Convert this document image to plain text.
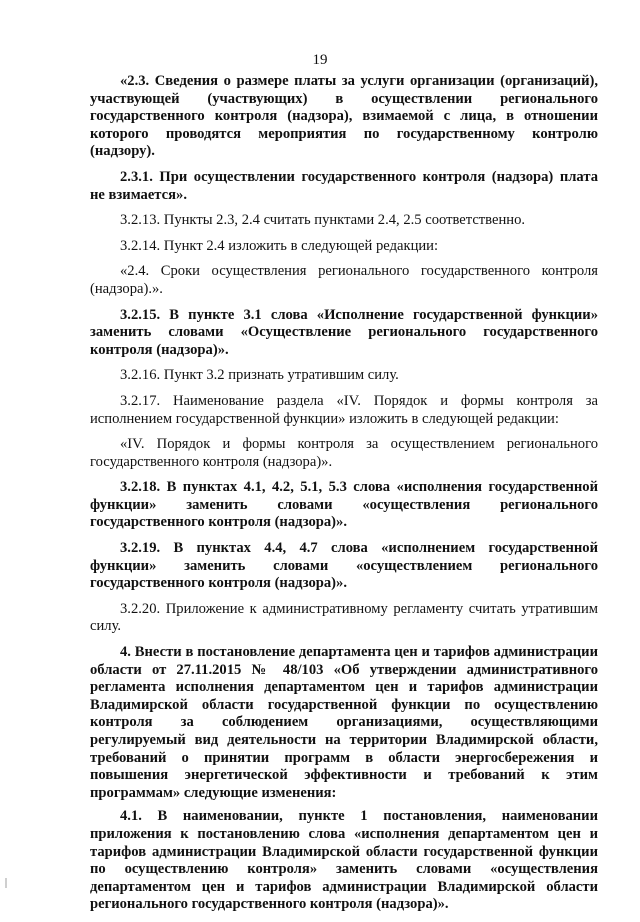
19

«2.3. Сведения о размере платы за услуги организации (организаций), участвующей (участвующих) в осуществлении регионального государственного контроля (надзора), взимаемой с лица, в отношении которого проводятся мероприятия по государственному контролю (надзору).

2.3.1. При осуществлении государственного контроля (надзора) плата не взимается».

3.2.13. Пункты 2.3, 2.4 считать пунктами 2.4, 2.5 соответственно.

3.2.14. Пункт 2.4 изложить в следующей редакции:

«2.4. Сроки осуществления регионального государственного контроля (надзора).».

3.2.15. В пункте 3.1 слова «Исполнение государственной функции» заменить словами «Осуществление регионального государственного контроля (надзора)».

3.2.16. Пункт 3.2 признать утратившим силу.

3.2.17. Наименование раздела «IV. Порядок и формы контроля за исполнением государственной функции» изложить в следующей редакции:

«IV. Порядок и формы контроля за осуществлением регионального государственного контроля (надзора)».

3.2.18. В пунктах 4.1, 4.2, 5.1, 5.3 слова «исполнения государственной функции» заменить словами «осуществления регионального государственного контроля (надзора)».

3.2.19. В пунктах 4.4, 4.7 слова «исполнением государственной функции» заменить словами «осуществлением регионального государственного контроля (надзора)».

3.2.20. Приложение к административному регламенту считать утратившим силу.

4. Внести в постановление департамента цен и тарифов администрации области от 27.11.2015 № 48/103 «Об утверждении административного регламента исполнения департаментом цен и тарифов администрации Владимирской области государственной функции по осуществлению контроля за соблюдением организациями, осуществляющими регулируемый вид деятельности на территории Владимирской области, требований о принятии программ в области энергосбережения и повышения энергетической эффективности и требований к этим программам» следующие изменения:

4.1. В наименовании, пункте 1 постановления, наименовании приложения к постановлению слова «исполнения департаментом цен и тарифов администрации Владимирской области государственной функции по осуществлению контроля» заменить словами «осуществления департаментом цен и тарифов администрации Владимирской области регионального государственного контроля (надзора)».
